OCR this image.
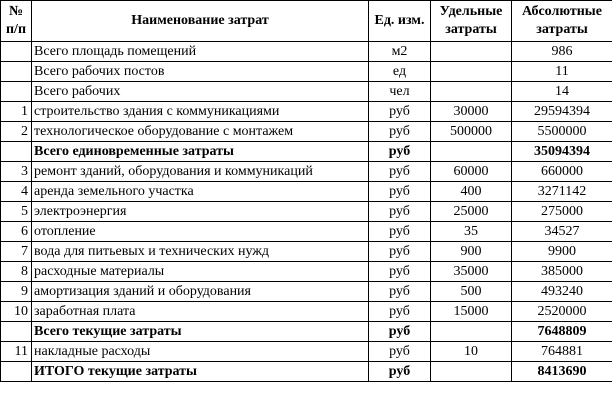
№ п/п	Наименование затрат	Ед. изм.	Удельные затраты	Абсолютные затраты
	Всего площадь помещений	м2		986
	Всего рабочих постов	ед		11
	Всего рабочих	чел		14
1	строительство здания с коммуникациями	руб	30000	29594394
2	технологическое оборудование с монтажем	руб	500000	5500000
	Всего единовременные затраты	руб		35094394
3	ремонт зданий, оборудования и коммуникаций	руб	60000	660000
4	аренда земельного участка	руб	400	3271142
5	электроэнергия	руб	25000	275000
6	отопление	руб	35	34527
7	вода для питьевых и технических нужд	руб	900	9900
8	расходные материалы	руб	35000	385000
9	амортизация зданий и оборудования	руб	500	493240
10	заработная плата	руб	15000	2520000
	Всего текущие затраты	руб		7648809
11	накладные расходы	руб	10	764881
	ИТОГО текущие затраты	руб		8413690
